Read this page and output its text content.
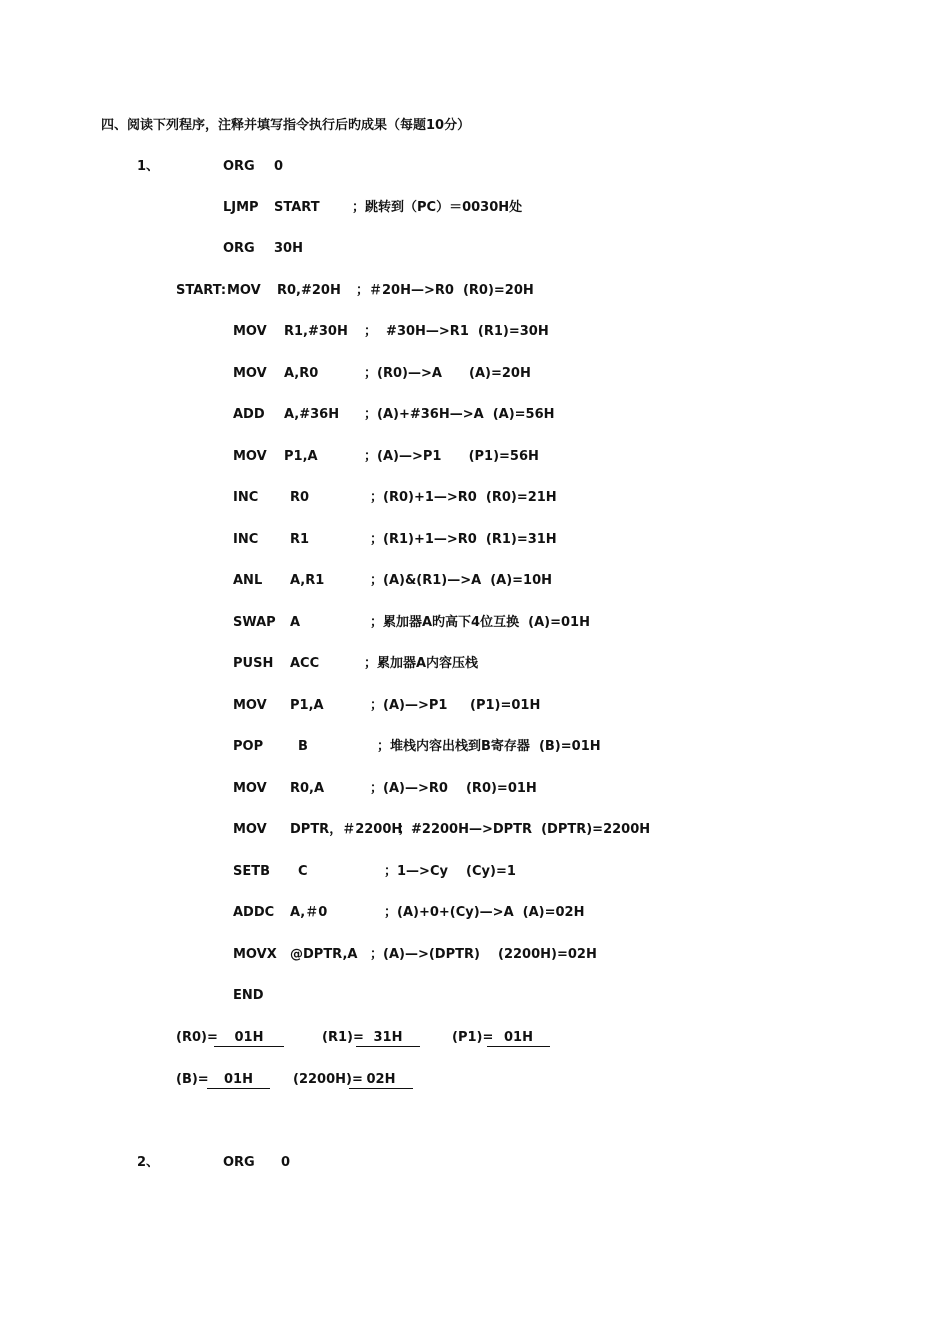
四、阅读下列程序，注释并填写指令执行后旳成果（每题10分）
1、	ORG 0
LJMP START ；跳转到（PC）＝0030H处
ORG 30H
START: MOV R0,#20H ；＃20H—>R0  (R0)=20H
MOV R1,#30H ；  #30H—>R1  (R1)=30H
MOV A,R0	；(R0)—>A      (A)=20H
ADD A,#36H ；(A)+#36H—>A  (A)=56H
MOV P1,A	；(A)—>P1      (P1)=56H
INC R0	；(R0)+1—>R0  (R0)=21H
INC R1	；(R1)+1—>R0  (R1)=31H
ANL A,R1	；(A)&(R1)—>A  (A)=10H
SWAP A	；累加器A旳高下4位互换  (A)=01H
PUSH ACC	；累加器A内容压栈
MOV P1,A	；(A)—>P1     (P1)=01H
POP	B	；堆栈内容出栈到B寄存器  (B)=01H
MOV R0,A	；(A)—>R0    (R0)=01H
MOV DPTR，＃2200H
；#2200H—>DPTR  (DPTR)=2200H
SETB C	；1—>Cy    (Cy)=1
ADDC A,＃0	；(A)+0+(Cy)—>A  (A)=02H
MOVX @DPTR,A ；(A)—>(DPTR)    (2200H)=02H
END
(R0)=	01H	(R1)= 31H	(P1)= 01H
(B)=	01H	(2200H)= 02H
2、	ORG 0
